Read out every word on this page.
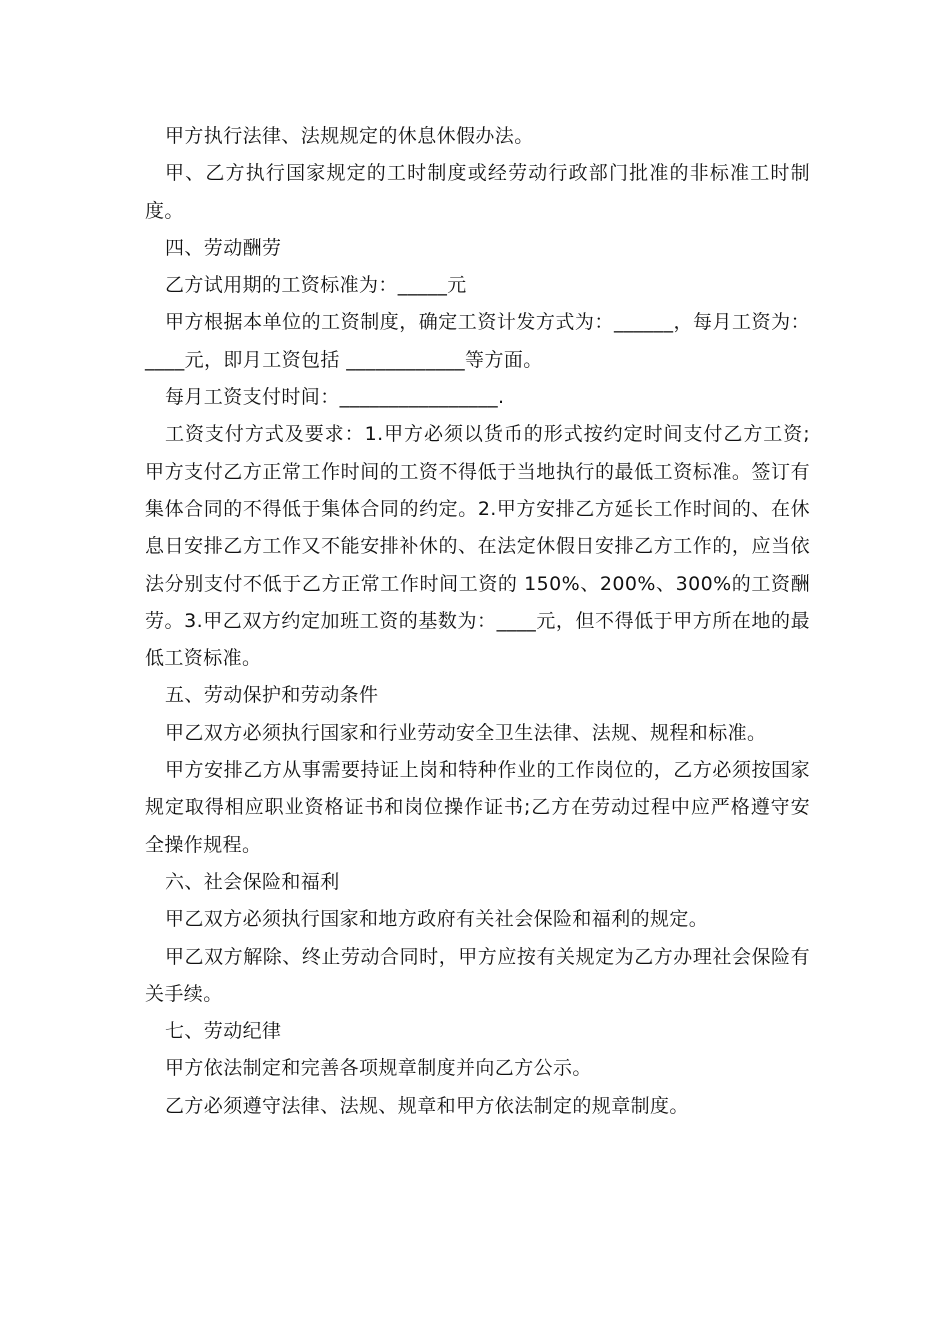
甲方执行法律、法规规定的休息休假办法。

甲、乙方执行国家规定的工时制度或经劳动行政部门批准的非标准工时制度。

四、劳动酬劳

乙方试用期的工资标准为：_____元

甲方根据本单位的工资制度，确定工资计发方式为：______，每月工资为：____元，即月工资包括 ____________等方面。

每月工资支付时间：________________.

工资支付方式及要求：1.甲方必须以货币的形式按约定时间支付乙方工资;甲方支付乙方正常工作时间的工资不得低于当地执行的最低工资标准。签订有集体合同的不得低于集体合同的约定。2.甲方安排乙方延长工作时间的、在休息日安排乙方工作又不能安排补休的、在法定休假日安排乙方工作的，应当依法分别支付不低于乙方正常工作时间工资的 150%、200%、300%的工资酬劳。3.甲乙双方约定加班工资的基数为：____元，但不得低于甲方所在地的最低工资标准。

五、劳动保护和劳动条件

甲乙双方必须执行国家和行业劳动安全卫生法律、法规、规程和标准。

甲方安排乙方从事需要持证上岗和特种作业的工作岗位的，乙方必须按国家规定取得相应职业资格证书和岗位操作证书;乙方在劳动过程中应严格遵守安全操作规程。

六、社会保险和福利

甲乙双方必须执行国家和地方政府有关社会保险和福利的规定。

甲乙双方解除、终止劳动合同时，甲方应按有关规定为乙方办理社会保险有关手续。

七、劳动纪律

甲方依法制定和完善各项规章制度并向乙方公示。

乙方必须遵守法律、法规、规章和甲方依法制定的规章制度。
